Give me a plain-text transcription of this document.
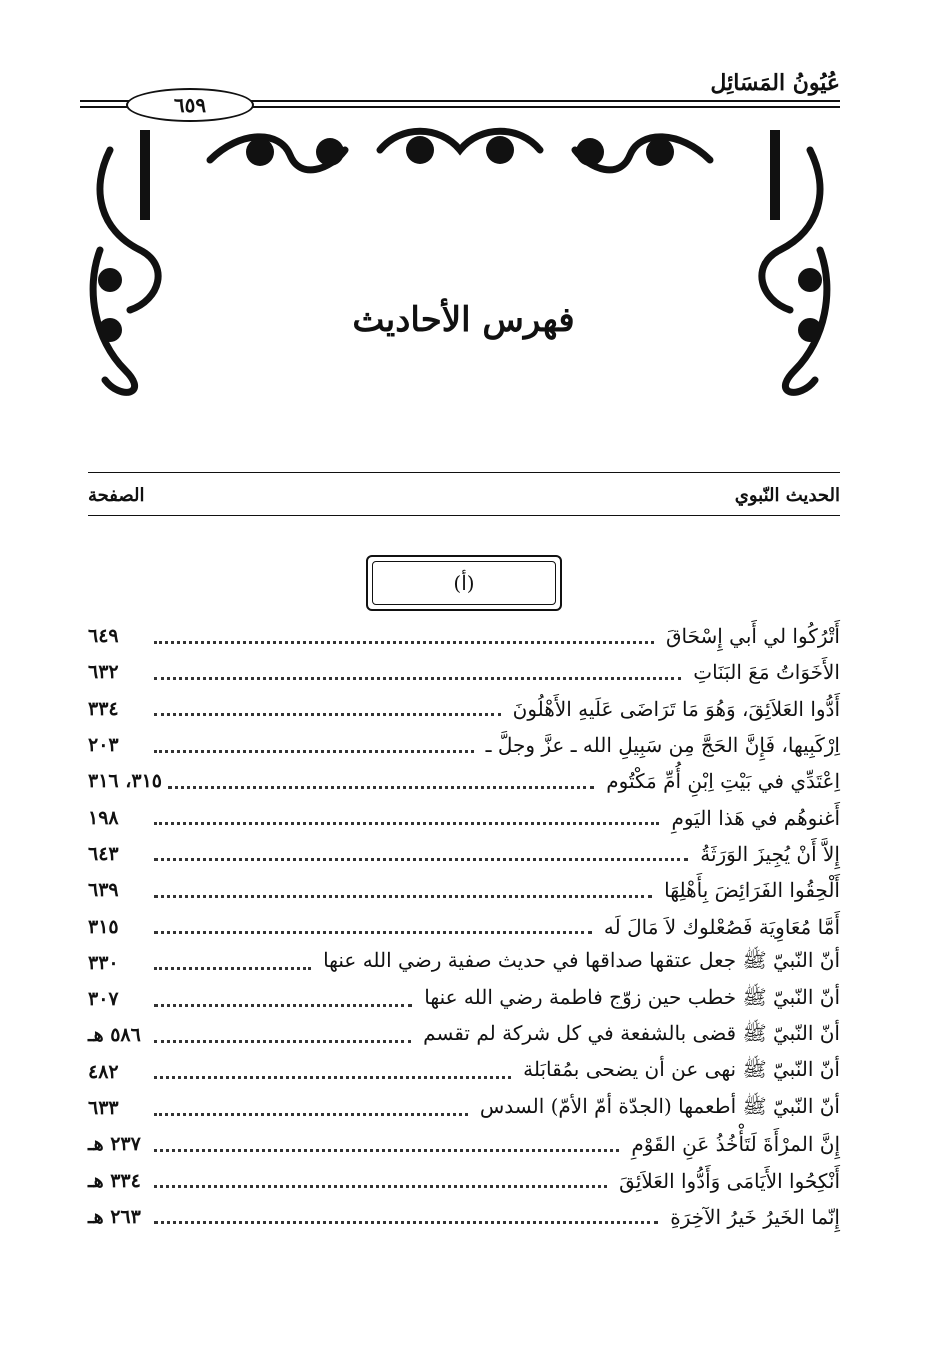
عُيُونُ المَسَائِل
٦٥٩
فهرس الأحاديث
الحديث النّبوي
الصفحة
(أ)
أَتْرُكُوا لي أَبي إِسْحَاقَ
٦٤٩
الأَخَوَاتُ مَعَ البَنَاتِ
٦٣٢
أَدُّوا العَلاَئِقَ، وَهُوَ مَا تَرَاضَى عَلَيهِ الأَهْلُونَ
٣٣٤
اِرْكَبِيها، فَإِنَّ الحَجَّ مِن سَبِيلِ الله ـ عزَّ وجلَّ ـ
٢٠٣
اِعْتَدِّي في بَيْتِ اِبْنِ أُمِّ مَكْتُوم
٣١٥، ٣١٦
أَغنوهُم في هَذا اليَومِ
١٩٨
إِلاَّ أَنْ يُجِيزَ الوَرَثَةُ
٦٤٣
أَلْحِقُوا الفَرَائِضَ بِأَهْلِهَا
٦٣٩
أَمَّا مُعَاوِيَة فَصُعْلوك لاَ مَالَ لَه
٣١٥
أنّ النّبيّ ﷺ جعل عتقها صداقها في حديث صفية رضي الله عنها
٣٣٠
أنّ النّبيّ ﷺ خطب حين زوّج فاطمة رضي الله عنها
٣٠٧
أنّ النّبيّ ﷺ قضى بالشفعة في كل شركة لم تقسم
٥٨٦ هـ
أنّ النّبيّ ﷺ نهى عن أن يضحى بمُقابَلة
٤٨٢
أنّ النّبيّ ﷺ أطعمها (الجدّة أمّ الأمّ) السدس
٦٣٣
إِنَّ المرْأَةَ لَتَأْخُذُ عَنِ القَوْمِ
٢٣٧ هـ
أَنْكِحُوا الأَيَامَى وَأَدُّوا العَلاَئِقَ
٣٣٤ هـ
إِنّما الخَيرُ خَيرُ الآخِرَةِ
٢٦٣ هـ
